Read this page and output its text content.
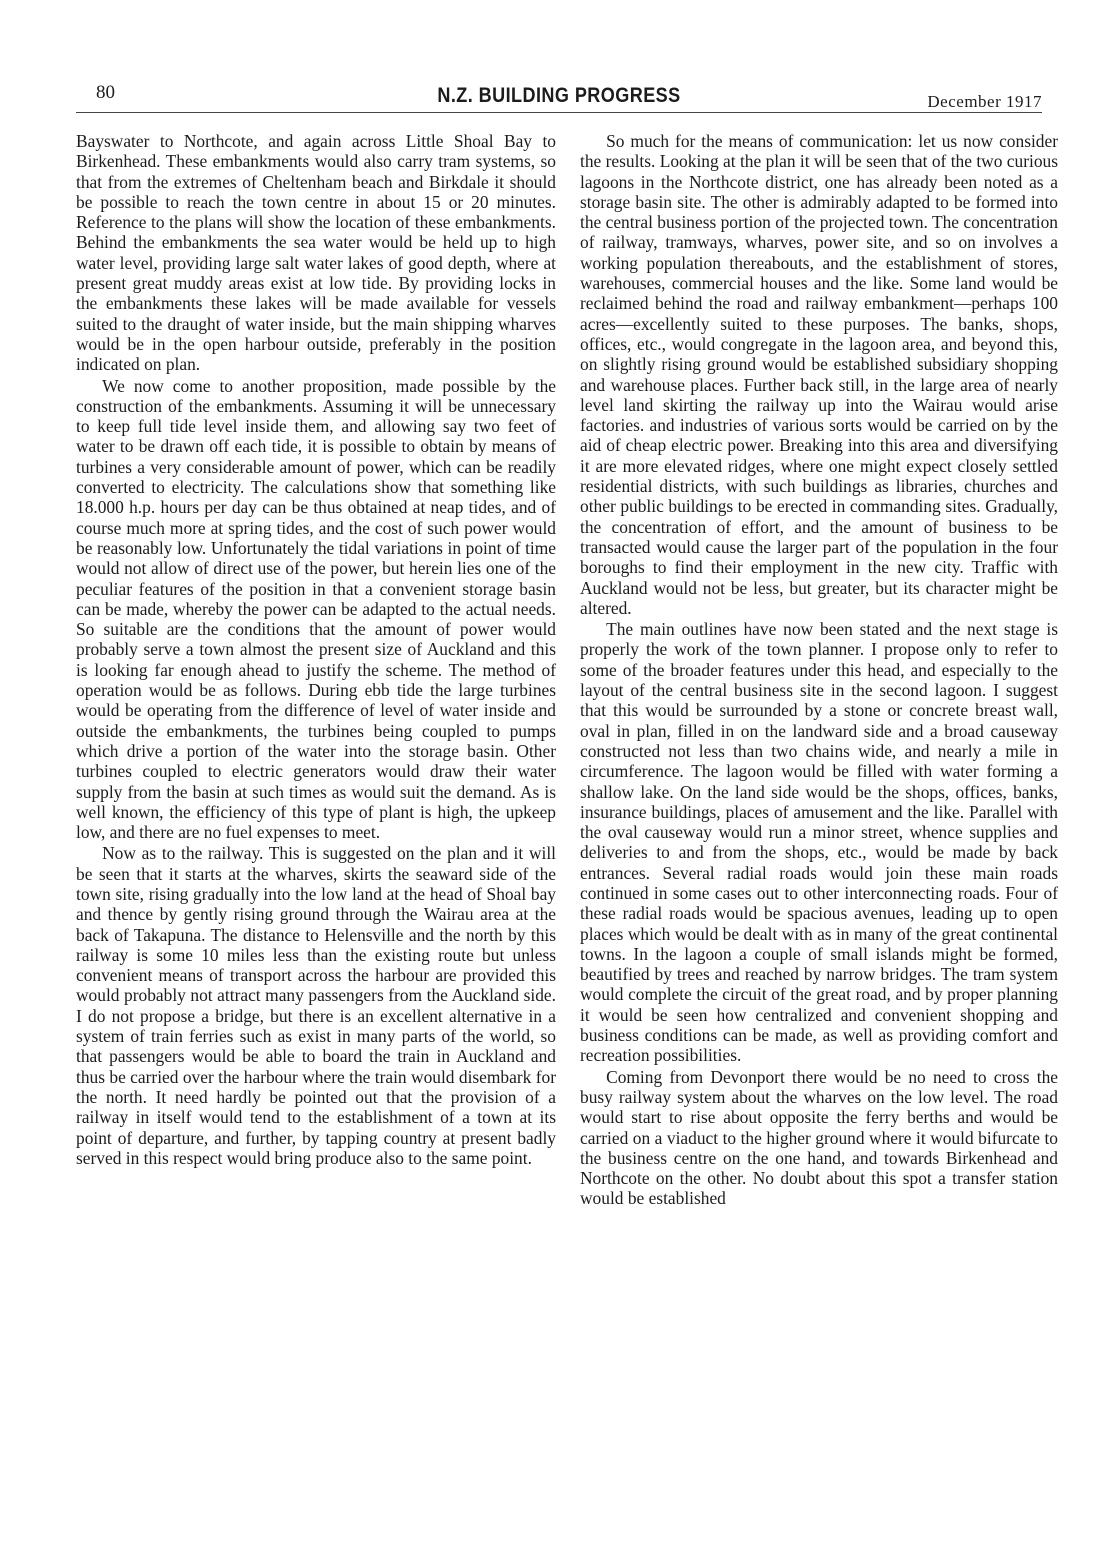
80	N.Z. BUILDING PROGRESS	December 1917

Bayswater to Northcote, and again across Little Shoal Bay to Birkenhead. These embankments would also carry tram systems, so that from the extremes of Cheltenham beach and Birkdale it should be possible to reach the town centre in about 15 or 20 minutes. Reference to the plans will show the location of these embankments. Behind the embankments the sea water would be held up to high water level, providing large salt water lakes of good depth, where at present great muddy areas exist at low tide. By providing locks in the embankments these lakes will be made available for vessels suited to the draught of water inside, but the main shipping wharves would be in the open harbour outside, preferably in the position indicated on plan.

We now come to another proposition, made possible by the construction of the embankments. Assuming it will be unnecessary to keep full tide level inside them, and allowing say two feet of water to be drawn off each tide, it is possible to obtain by means of turbines a very considerable amount of power, which can be readily converted to electricity. The calculations show that something like 18.000 h.p. hours per day can be thus obtained at neap tides, and of course much more at spring tides, and the cost of such power would be reasonably low. Unfortunately the tidal variations in point of time would not allow of direct use of the power, but herein lies one of the peculiar features of the position in that a convenient storage basin can be made, whereby the power can be adapted to the actual needs. So suitable are the conditions that the amount of power would probably serve a town almost the present size of Auckland and this is looking far enough ahead to justify the scheme. The method of operation would be as follows. During ebb tide the large turbines would be operating from the difference of level of water inside and outside the embankments, the turbines being coupled to pumps which drive a portion of the water into the storage basin. Other turbines coupled to electric generators would draw their water supply from the basin at such times as would suit the demand. As is well known, the efficiency of this type of plant is high, the upkeep low, and there are no fuel expenses to meet.

Now as to the railway. This is suggested on the plan and it will be seen that it starts at the wharves, skirts the seaward side of the town site, rising gradually into the low land at the head of Shoal bay and thence by gently rising ground through the Wairau area at the back of Takapuna. The distance to Helensville and the north by this railway is some 10 miles less than the existing route but unless convenient means of transport across the harbour are provided this would probably not attract many passengers from the Auckland side. I do not propose a bridge, but there is an excellent alternative in a system of train ferries such as exist in many parts of the world, so that passengers would be able to board the train in Auckland and thus be carried over the harbour where the train would disembark for the north. It need hardly be pointed out that the provision of a railway in itself would tend to the establishment of a town at its point of departure, and further, by tapping country at present badly served in this respect would bring produce also to the same point.

So much for the means of communication: let us now consider the results. Looking at the plan it will be seen that of the two curious lagoons in the Northcote district, one has already been noted as a storage basin site. The other is admirably adapted to be formed into the central business portion of the projected town. The concentration of railway, tramways, wharves, power site, and so on involves a working population thereabouts, and the establishment of stores, warehouses, commercial houses and the like. Some land would be reclaimed behind the road and railway embankment—perhaps 100 acres—excellently suited to these purposes. The banks, shops, offices, etc., would congregate in the lagoon area, and beyond this, on slightly rising ground would be established subsidiary shopping and warehouse places. Further back still, in the large area of nearly level land skirting the railway up into the Wairau would arise factories. and industries of various sorts would be carried on by the aid of cheap electric power. Breaking into this area and diversifying it are more elevated ridges, where one might expect closely settled residential districts, with such buildings as libraries, churches and other public buildings to be erected in commanding sites. Gradually, the concentration of effort, and the amount of business to be transacted would cause the larger part of the population in the four boroughs to find their employment in the new city. Traffic with Auckland would not be less, but greater, but its character might be altered.

The main outlines have now been stated and the next stage is properly the work of the town planner. I propose only to refer to some of the broader features under this head, and especially to the layout of the central business site in the second lagoon. I suggest that this would be surrounded by a stone or concrete breast wall, oval in plan, filled in on the landward side and a broad causeway constructed not less than two chains wide, and nearly a mile in circumference. The lagoon would be filled with water forming a shallow lake. On the land side would be the shops, offices, banks, insurance buildings, places of amusement and the like. Parallel with the oval causeway would run a minor street, whence supplies and deliveries to and from the shops, etc., would be made by back entrances. Several radial roads would join these main roads continued in some cases out to other interconnecting roads. Four of these radial roads would be spacious avenues, leading up to open places which would be dealt with as in many of the great continental towns. In the lagoon a couple of small islands might be formed, beautified by trees and reached by narrow bridges. The tram system would complete the circuit of the great road, and by proper planning it would be seen how centralized and convenient shopping and business conditions can be made, as well as providing comfort and recreation possibilities.

Coming from Devonport there would be no need to cross the busy railway system about the wharves on the low level. The road would start to rise about opposite the ferry berths and would be carried on a viaduct to the higher ground where it would bifurcate to the business centre on the one hand, and towards Birkenhead and Northcote on the other. No doubt about this spot a transfer station would be established
